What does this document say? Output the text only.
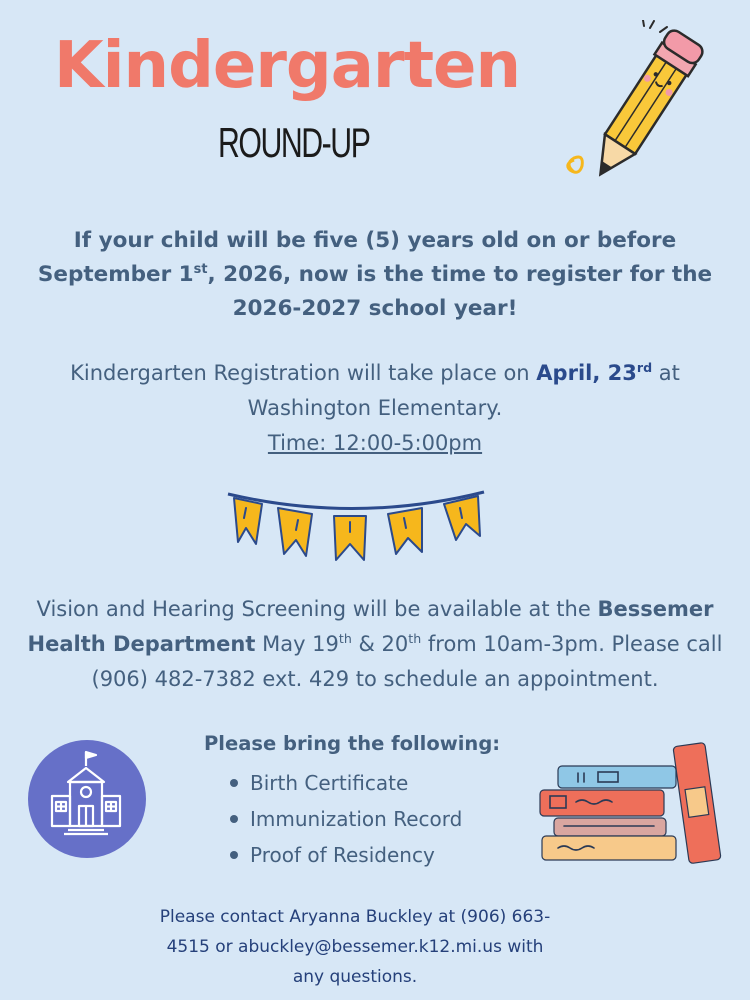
Kindergarten
ROUND-UP
If your child will be five (5) years old on or before
September 1st, 2026, now is the time to register for the
2026-2027 school year!
Kindergarten Registration will take place on April, 23rd at
Washington Elementary.
Time: 12:00-5:00pm
Vision and Hearing Screening will be available at the Bessemer
Health Department May 19th & 20th from 10am-3pm. Please call
(906) 482-7382 ext. 429 to schedule an appointment.
Please bring the following:
Birth Certificate
Immunization Record
Proof of Residency
Please contact Aryanna Buckley at (906) 663-
4515 or abuckley@bessemer.k12.mi.us with
any questions.
